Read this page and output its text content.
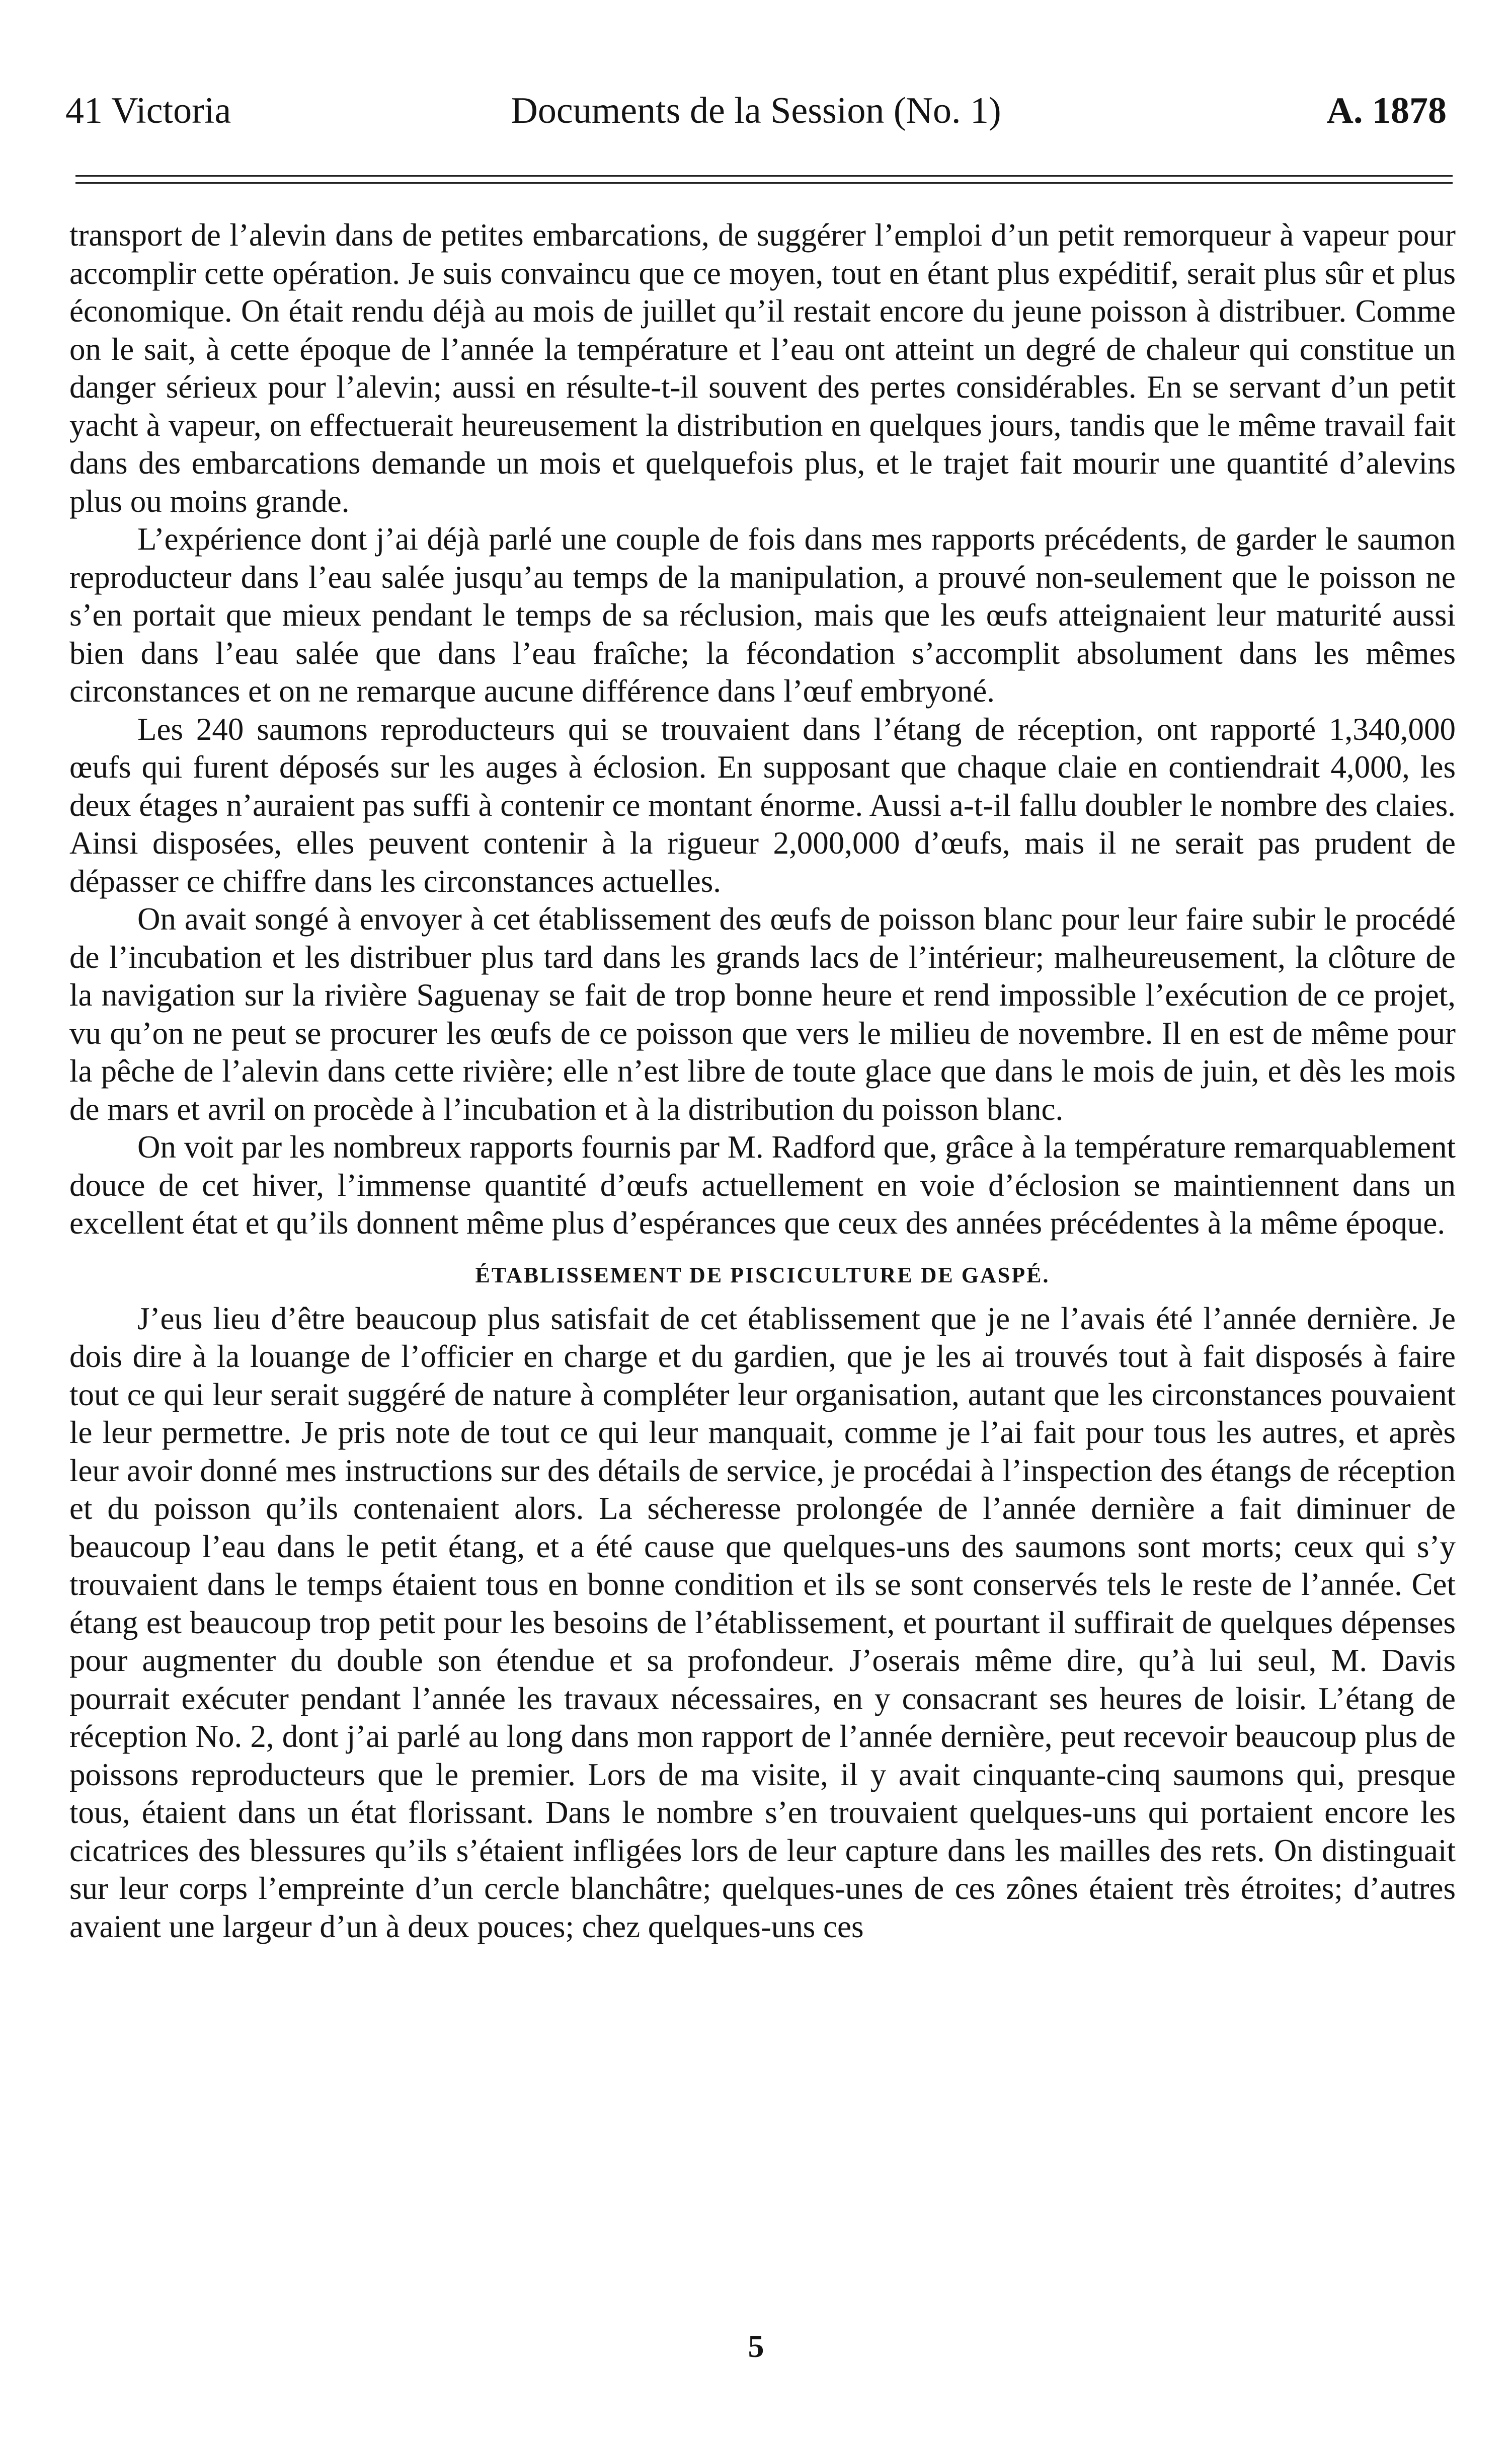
41 Victoria	Documents de la Session (No. 1)	A. 1878

transport de l’alevin dans de petites embarcations, de suggérer l’emploi d’un petit remorqueur à vapeur pour accomplir cette opération. Je suis convaincu que ce moyen, tout en étant plus expéditif, serait plus sûr et plus économique. On était rendu déjà au mois de juillet qu’il restait encore du jeune poisson à distribuer. Comme on le sait, à cette époque de l’année la température et l’eau ont atteint un degré de chaleur qui constitue un danger sérieux pour l’alevin; aussi en résulte-t-il souvent des pertes considérables. En se servant d’un petit yacht à vapeur, on effectuerait heureusement la distribution en quelques jours, tandis que le même travail fait dans des embarcations demande un mois et quelquefois plus, et le trajet fait mourir une quantité d’alevins plus ou moins grande.

L’expérience dont j’ai déjà parlé une couple de fois dans mes rapports précédents, de garder le saumon reproducteur dans l’eau salée jusqu’au temps de la manipulation, a prouvé non-seulement que le poisson ne s’en portait que mieux pendant le temps de sa réclusion, mais que les œufs atteignaient leur maturité aussi bien dans l’eau salée que dans l’eau fraîche; la fécondation s’accomplit absolument dans les mêmes circonstances et on ne remarque aucune différence dans l’œuf embryoné.

Les 240 saumons reproducteurs qui se trouvaient dans l’étang de réception, ont rapporté 1,340,000 œufs qui furent déposés sur les auges à éclosion. En supposant que chaque claie en contiendrait 4,000, les deux étages n’auraient pas suffi à contenir ce montant énorme. Aussi a-t-il fallu doubler le nombre des claies. Ainsi disposées, elles peuvent contenir à la rigueur 2,000,000 d’œufs, mais il ne serait pas prudent de dépasser ce chiffre dans les circonstances actuelles.

On avait songé à envoyer à cet établissement des œufs de poisson blanc pour leur faire subir le procédé de l’incubation et les distribuer plus tard dans les grands lacs de l’intérieur; malheureusement, la clôture de la navigation sur la rivière Saguenay se fait de trop bonne heure et rend impossible l’exécution de ce projet, vu qu’on ne peut se procurer les œufs de ce poisson que vers le milieu de novembre. Il en est de même pour la pêche de l’alevin dans cette rivière; elle n’est libre de toute glace que dans le mois de juin, et dès les mois de mars et avril on procède à l’incubation et à la distribution du poisson blanc.

On voit par les nombreux rapports fournis par M. Radford que, grâce à la température remarquablement douce de cet hiver, l’immense quantité d’œufs actuellement en voie d’éclosion se maintiennent dans un excellent état et qu’ils donnent même plus d’espérances que ceux des années précédentes à la même époque.

ÉTABLISSEMENT DE PISCICULTURE DE GASPÉ.

J’eus lieu d’être beaucoup plus satisfait de cet établissement que je ne l’avais été l’année dernière. Je dois dire à la louange de l’officier en charge et du gardien, que je les ai trouvés tout à fait disposés à faire tout ce qui leur serait suggéré de nature à compléter leur organisation, autant que les circonstances pouvaient le leur permettre. Je pris note de tout ce qui leur manquait, comme je l’ai fait pour tous les autres, et après leur avoir donné mes instructions sur des détails de service, je procédai à l’inspection des étangs de réception et du poisson qu’ils contenaient alors. La sécheresse prolongée de l’année dernière a fait diminuer de beaucoup l’eau dans le petit étang, et a été cause que quelques-uns des saumons sont morts; ceux qui s’y trouvaient dans le temps étaient tous en bonne condition et ils se sont conservés tels le reste de l’année. Cet étang est beaucoup trop petit pour les besoins de l’établissement, et pourtant il suffirait de quelques dépenses pour augmenter du double son étendue et sa profondeur. J’oserais même dire, qu’à lui seul, M. Davis pourrait exécuter pendant l’année les travaux nécessaires, en y consacrant ses heures de loisir. L’étang de réception No. 2, dont j’ai parlé au long dans mon rapport de l’année dernière, peut recevoir beaucoup plus de poissons reproducteurs que le premier. Lors de ma visite, il y avait cinquante-cinq saumons qui, presque tous, étaient dans un état florissant. Dans le nombre s’en trouvaient quelques-uns qui portaient encore les cicatrices des blessures qu’ils s’étaient infligées lors de leur capture dans les mailles des rets. On distinguait sur leur corps l’empreinte d’un cercle blanchâtre; quelques-unes de ces zônes étaient très étroites; d’autres avaient une largeur d’un à deux pouces; chez quelques-uns ces

5
